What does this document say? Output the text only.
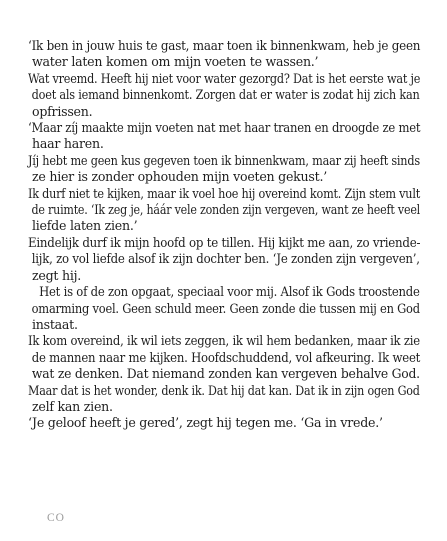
‘Ik ben in jouw huis te gast, maar toen ik binnenkwam, heb je geen
water laten komen om mijn voeten te wassen.’
Wat vreemd. Heeft hij niet voor water gezorgd? Dat is het eerste wat je
doet als iemand binnenkomt. Zorgen dat er water is zodat hij zich kan
opfrissen.
‘Maar zíj maakte mijn voeten nat met haar tranen en droogde ze met
haar haren.
Jíj hebt me geen kus gegeven toen ik binnenkwam, maar zij heeft sinds
ze hier is zonder ophouden mijn voeten gekust.’
Ik durf niet te kijken, maar ik voel hoe hij overeind komt. Zijn stem vult
de ruimte. ‘Ik zeg je, háár vele zonden zijn vergeven, want ze heeft veel
liefde laten zien.’
Eindelijk durf ik mijn hoofd op te tillen. Hij kijkt me aan, zo vriende-
lijk, zo vol liefde alsof ik zijn dochter ben. ‘Je zonden zijn vergeven’,
zegt hij.
Het is of de zon opgaat, speciaal voor mij. Alsof ik Gods troostende
omarming voel. Geen schuld meer. Geen zonde die tussen mij en God
instaat.
Ik kom overeind, ik wil iets zeggen, ik wil hem bedanken, maar ik zie
de mannen naar me kijken. Hoofdschuddend, vol afkeuring. Ik weet
wat ze denken. Dat niemand zonden kan vergeven behalve God.
Maar dat is het wonder, denk ik. Dat hij dat kan. Dat ik in zijn ogen God
zelf kan zien.
‘Je geloof heeft je gered’, zegt hij tegen me. ‘Ga in vrede.’
CO
